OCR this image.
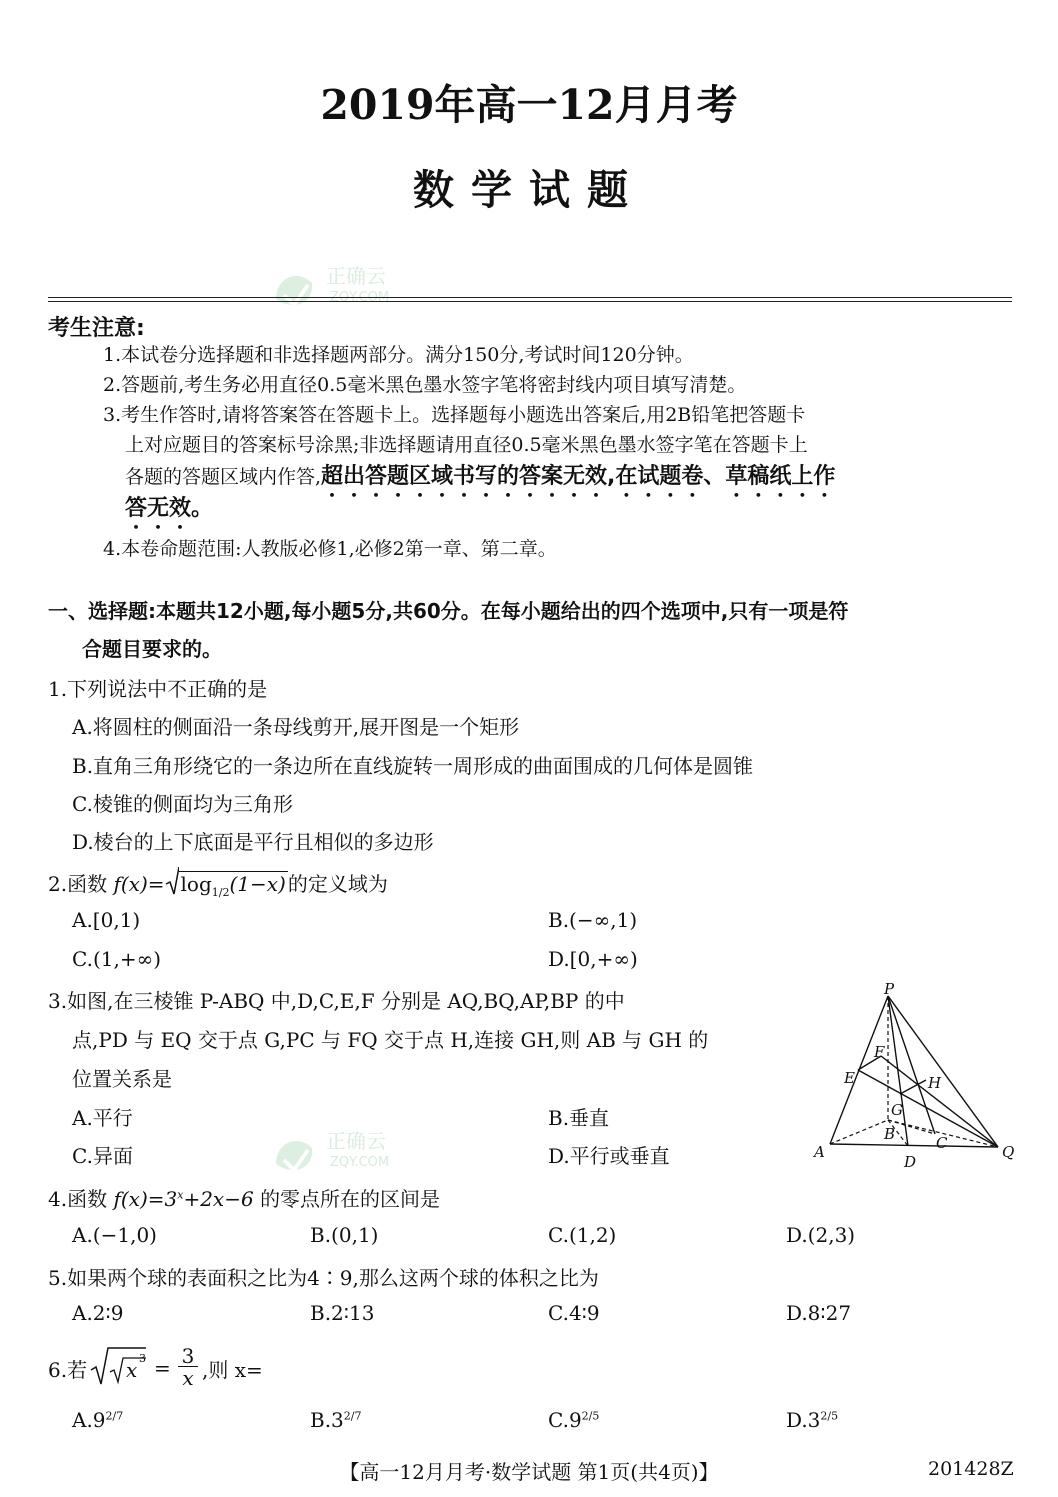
2019年高一12月月考
数学试题
正确云
ZQY.COM
考生注意:
1.本试卷分选择题和非选择题两部分。满分150分,考试时间120分钟。
2.答题前,考生务必用直径0.5毫米黑色墨水签字笔将密封线内项目填写清楚。
3.考生作答时,请将答案答在答题卡上。选择题每小题选出答案后,用2B铅笔把答题卡
上对应题目的答案标号涂黑;非选择题请用直径0.5毫米黑色墨水签字笔在答题卡上
各题的答题区域内作答,超出答题区域书写的答案无效,在试题卷、草稿纸上作
答无效。
4.本卷命题范围:人教版必修1,必修2第一章、第二章。
一、选择题:本题共12小题,每小题5分,共60分。在每小题给出的四个选项中,只有一项是符
合题目要求的。
1.下列说法中不正确的是
A.将圆柱的侧面沿一条母线剪开,展开图是一个矩形
B.直角三角形绕它的一条边所在直线旋转一周形成的曲面围成的几何体是圆锥
C.棱锥的侧面均为三角形
D.棱台的上下底面是平行且相似的多边形
2.函数 $f(x)= \log_{1/2}(1-x)$ 的定义域为
A.[0,1)	B.(−∞,1)
C.(1,+∞)	D.[0,+∞)
3.如图,在三棱锥 P-ABQ 中,D,C,E,F 分别是 AQ,BQ,AP,BP 的中
点,PD 与 EQ 交于点 G,PC 与 FQ 交于点 H,连接 GH,则 AB 与 GH 的
位置关系是
A.平行	B.垂直
C.异面	D.平行或垂直
P
F
E	H
G
B	C
A
D
Q
正确云
ZQY.COM
4.函数 $f(x)=3^x+2x-6$ 的零点所在的区间是
A.(−1,0)	B.(0,1)	C.(1,2)	D.(2,3)
5.如果两个球的表面积之比为4∶9,那么这两个球的体积之比为
A.2∶9	B.2∶13	C.4∶9	D.8∶27
6.若 x 3 = 3
x ,则 x=
$A.9^{2/7}$	$B.3^{2/7}$	$C.9^{2/5}$	$D.3^{2/5}$
【高一12月月考·数学试题 第1页(共4页)】	201428Z
